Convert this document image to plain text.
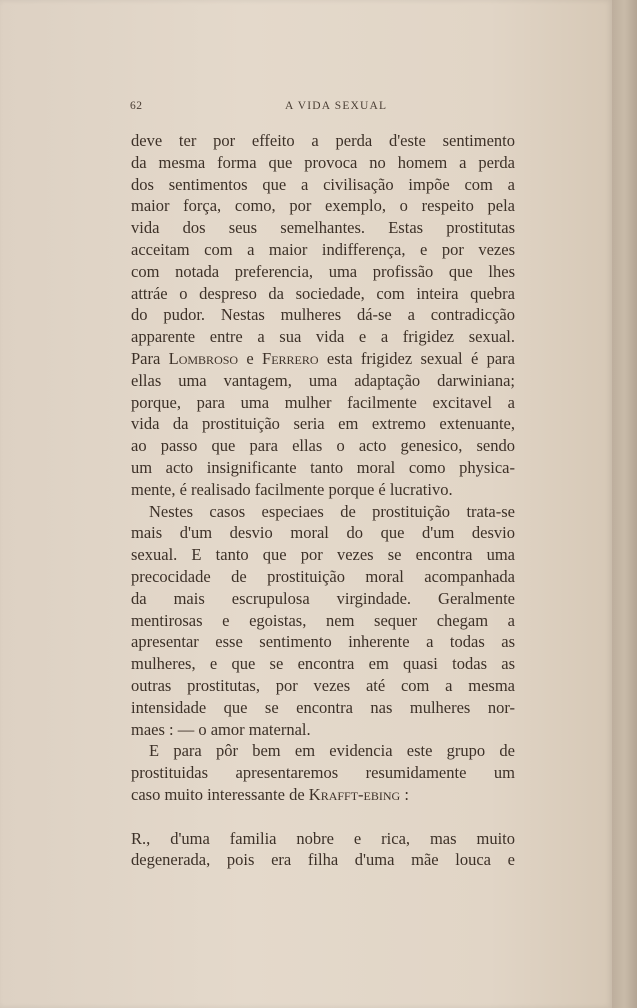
62	A VIDA SEXUAL
deve ter por effeito a perda d'este sentimento
da mesma forma que provoca no homem a perda
dos sentimentos que a civilisação impõe com a
maior força, como, por exemplo, o respeito pela
vida dos seus semelhantes. Estas prostitutas
acceitam com a maior indifferença, e por vezes
com notada preferencia, uma profissão que lhes
attráe o despreso da sociedade, com inteira quebra
do pudor. Nestas mulheres dá-se a contradicção
apparente entre a sua vida e a frigidez sexual.
Para Lombroso e Ferrero esta frigidez sexual é para
ellas uma vantagem, uma adaptação darwiniana;
porque, para uma mulher facilmente excitavel a
vida da prostituição seria em extremo extenuante,
ao passo que para ellas o acto genesico, sendo
um acto insignificante tanto moral como physica-
mente, é realisado facilmente porque é lucrativo.
Nestes casos especiaes de prostituição trata-se
mais d'um desvio moral do que d'um desvio
sexual. E tanto que por vezes se encontra uma
precocidade de prostituição moral acompanhada
da mais escrupulosa virgindade. Geralmente
mentirosas e egoistas, nem sequer chegam a
apresentar esse sentimento inherente a todas as
mulheres, e que se encontra em quasi todas as
outras prostitutas, por vezes até com a mesma
intensidade que se encontra nas mulheres nor-
maes : — o amor maternal.
E para pôr bem em evidencia este grupo de
prostituidas apresentaremos resumidamente um
caso muito interessante de Krafft-ebing :
R., d'uma familia nobre e rica, mas muito
degenerada, pois era filha d'uma mãe louca e
